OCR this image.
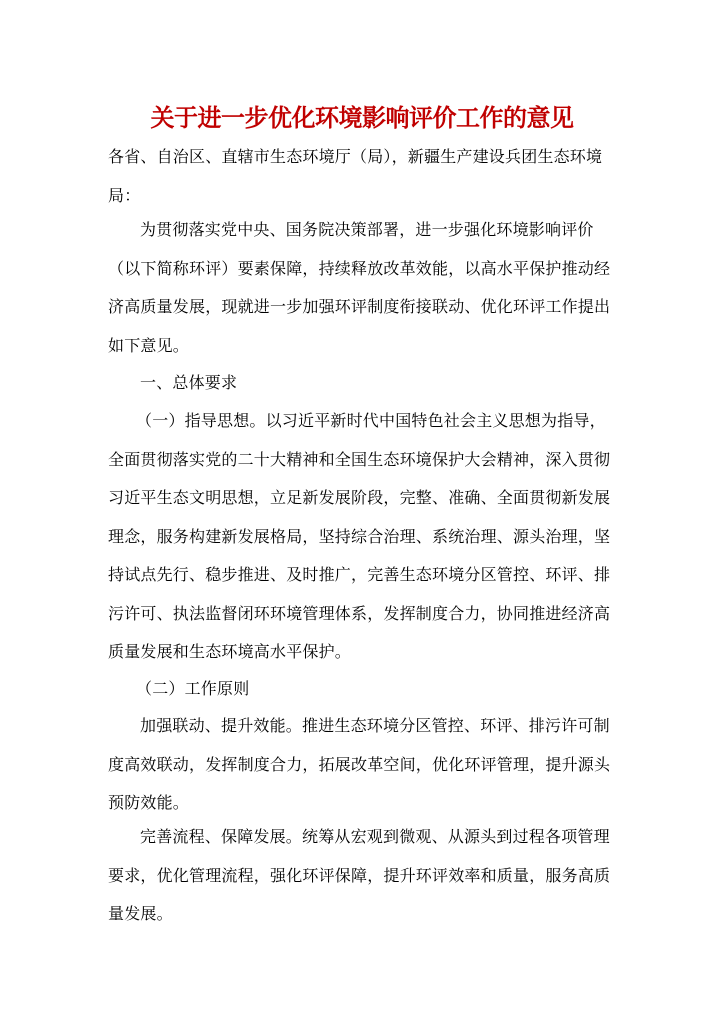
关于进一步优化环境影响评价工作的意见

各省、自治区、直辖市生态环境厅（局），新疆生产建设兵团生态环境局：

为贯彻落实党中央、国务院决策部署，进一步强化环境影响评价（以下简称环评）要素保障，持续释放改革效能，以高水平保护推动经济高质量发展，现就进一步加强环评制度衔接联动、优化环评工作提出如下意见。

一、总体要求

（一）指导思想。以习近平新时代中国特色社会主义思想为指导，全面贯彻落实党的二十大精神和全国生态环境保护大会精神，深入贯彻习近平生态文明思想，立足新发展阶段，完整、准确、全面贯彻新发展理念，服务构建新发展格局，坚持综合治理、系统治理、源头治理，坚持试点先行、稳步推进、及时推广，完善生态环境分区管控、环评、排污许可、执法监督闭环环境管理体系，发挥制度合力，协同推进经济高质量发展和生态环境高水平保护。

（二）工作原则

加强联动、提升效能。推进生态环境分区管控、环评、排污许可制度高效联动，发挥制度合力，拓展改革空间，优化环评管理，提升源头预防效能。

完善流程、保障发展。统筹从宏观到微观、从源头到过程各项管理要求，优化管理流程，强化环评保障，提升环评效率和质量，服务高质量发展。
